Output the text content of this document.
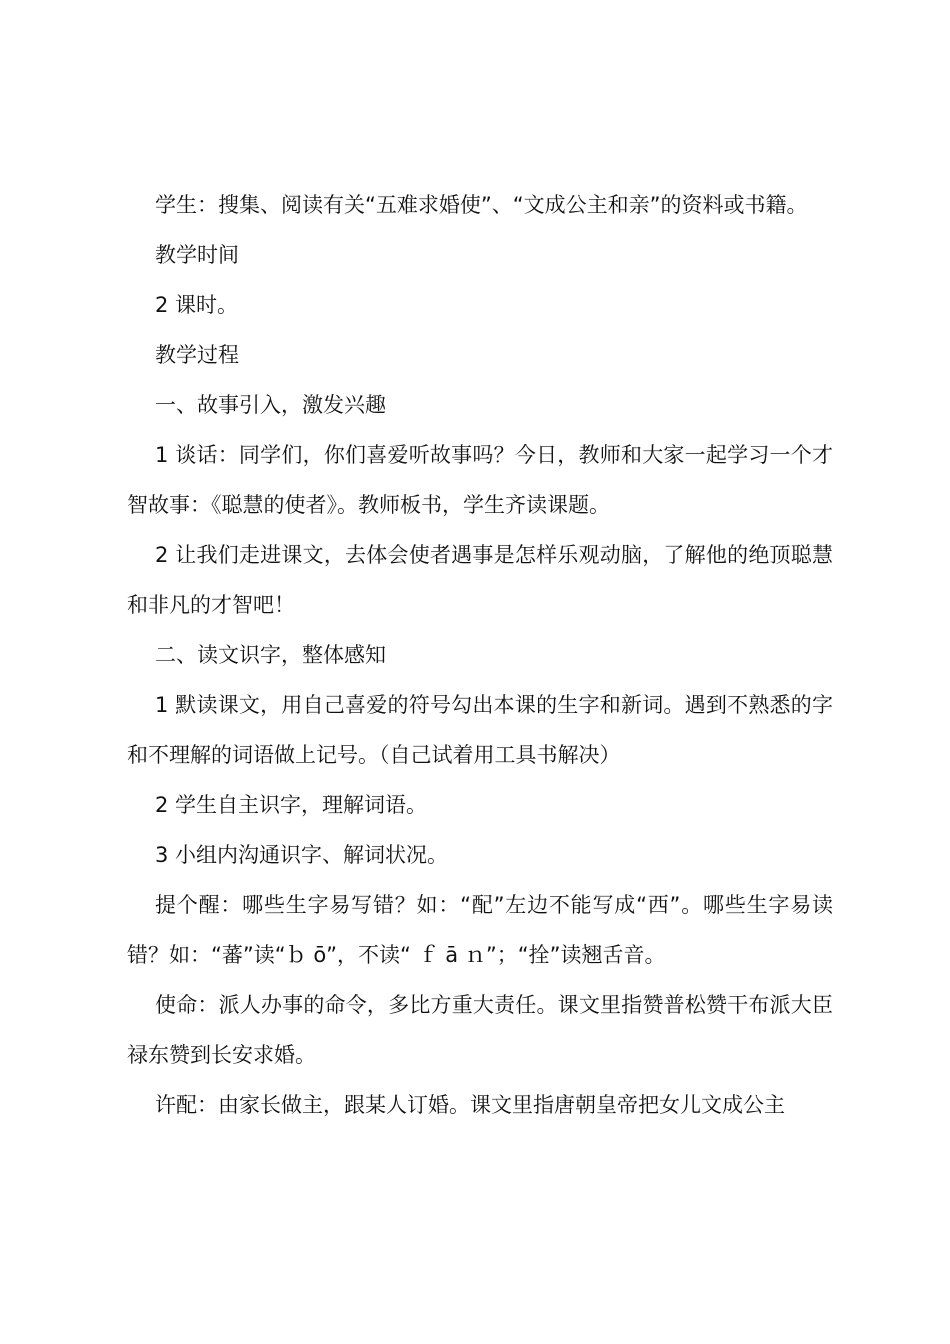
学生：搜集、阅读有关“五难求婚使”、“文成公主和亲”的资料或书籍。

教学时间

2 课时。

教学过程

一、故事引入，激发兴趣

1 谈话：同学们，你们喜爱听故事吗？今日，教师和大家一起学习一个才智故事：《聪慧的使者》。教师板书，学生齐读课题。

2 让我们走进课文，去体会使者遇事是怎样乐观动脑，了解他的绝顶聪慧和非凡的才智吧！

二、读文识字，整体感知

1 默读课文，用自己喜爱的符号勾出本课的生字和新词。遇到不熟悉的字和不理解的词语做上记号。（自己试着用工具书解决）

2 学生自主识字，理解词语。

3 小组内沟通识字、解词状况。

提个醒：哪些生字易写错？如：“配”左边不能写成“西”。哪些生字易读错？如：“蕃”读“ｂ ō”，不读“ ｆ ā ｎ”；“拴”读翘舌音。

使命：派人办事的命令，多比方重大责任。课文里指赞普松赞干布派大臣禄东赞到长安求婚。

许配：由家长做主，跟某人订婚。课文里指唐朝皇帝把女儿文成公主
